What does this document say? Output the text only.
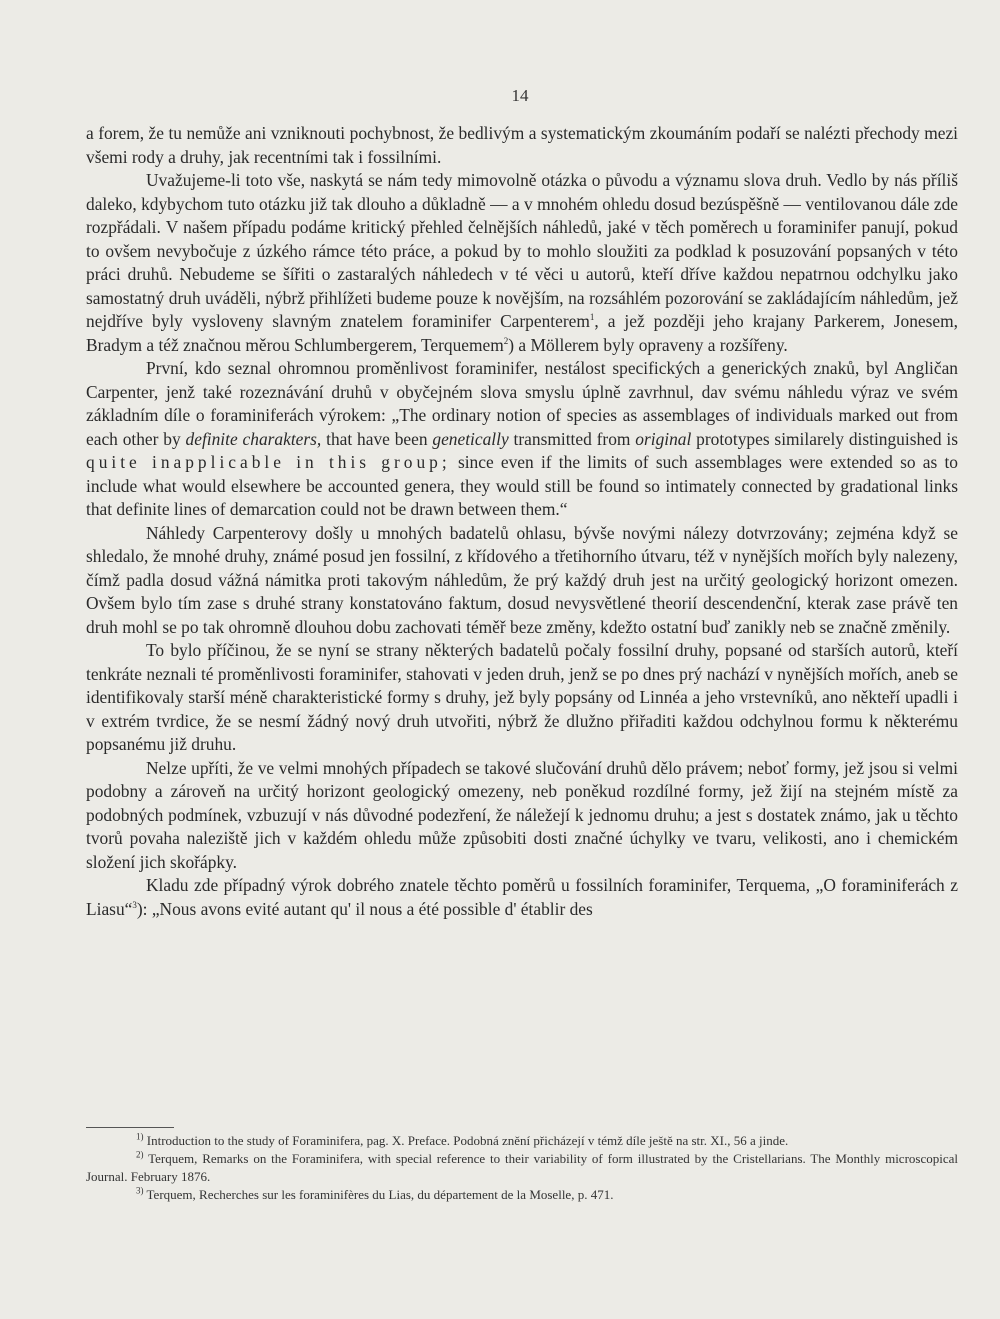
14

a forem, že tu nemůže ani vzniknouti pochybnost, že bedlivým a systematickým zkoumáním podaří se nalézti přechody mezi všemi rody a druhy, jak recentními tak i fossilními.

Uvažujeme-li toto vše, naskytá se nám tedy mimovolně otázka o původu a významu slova druh. Vedlo by nás příliš daleko, kdybychom tuto otázku již tak dlouho a důkladně — a v mnohém ohledu dosud bezúspěšně — ventilovanou dále zde rozpřádali. V našem případu podáme kritický přehled čelnějších náhledů, jaké v těch poměrech u foraminifer panují, pokud to ovšem nevybočuje z úzkého rámce této práce, a pokud by to mohlo sloužiti za podklad k posuzování popsaných v této práci druhů. Nebudeme se šířiti o zastaralých náhledech v té věci u autorů, kteří dříve každou nepatrnou odchylku jako samostatný druh uváděli, nýbrž přihlížeti budeme pouze k novějším, na rozsáhlém pozorování se zakládajícím náhledům, jež nejdříve byly vysloveny slavným znatelem foraminifer Carpenterem$^1$, a jež později jeho krajany Parkerem, Jonesem, Bradym a též značnou měrou Schlumbergerem, Terquemem$^2$) a Möllerem byly opraveny a rozšířeny.

První, kdo seznal ohromnou proměnlivost foraminifer, nestálost specifických a generických znaků, byl Angličan Carpenter, jenž také rozeznávání druhů v obyčejném slova smyslu úplně zavrhnul, dav svému náhledu výraz ve svém základním díle o foraminiferách výrokem: „The ordinary notion of species as assemblages of individuals marked out from each other by definite charakters, that have been genetically transmitted from original prototypes similarely distinguished is quite inapplicable in this group; since even if the limits of such assemblages were extended so as to include what would elsewhere be accounted genera, they would still be found so intimately connected by gradational links that definite lines of demarcation could not be drawn between them.“

Náhledy Carpenterovy došly u mnohých badatelů ohlasu, bývše novými nálezy dotvrzovány; zejména když se shledalo, že mnohé druhy, známé posud jen fossilní, z křídového a třetihorního útvaru, též v nynějších mořích byly nalezeny, čímž padla dosud vážná námitka proti takovým náhledům, že prý každý druh jest na určitý geologický horizont omezen. Ovšem bylo tím zase s druhé strany konstatováno faktum, dosud nevysvětlené theorií descendenční, kterak zase právě ten druh mohl se po tak ohromně dlouhou dobu zachovati téměř beze změny, kdežto ostatní buď zanikly neb se značně změnily.

To bylo příčinou, že se nyní se strany některých badatelů počaly fossilní druhy, popsané od starších autorů, kteří tenkráte neznali té proměnlivosti foraminifer, stahovati v jeden druh, jenž se po dnes prý nachází v nynějších mořích, aneb se identifikovaly starší méně charakteristické formy s druhy, jež byly popsány od Linnéa a jeho vrstevníků, ano někteří upadli i v extrém tvrdice, že se nesmí žádný nový druh utvořiti, nýbrž že dlužno přiřaditi každou odchylnou formu k některému popsanému již druhu.

Nelze upříti, že ve velmi mnohých případech se takové slučování druhů dělo právem; neboť formy, jež jsou si velmi podobny a zároveň na určitý horizont geologický omezeny, neb poněkud rozdílné formy, jež žijí na stejném místě za podobných podmínek, vzbuzují v nás důvodné podezření, že náležejí k jednomu druhu; a jest s dostatek známo, jak u těchto tvorů povaha naleziště jich v každém ohledu může způsobiti dosti značné úchylky ve tvaru, velikosti, ano i chemickém složení jich skořápky.

Kladu zde případný výrok dobrého znatele těchto poměrů u fossilních foraminifer, Terquema, „O foraminiferách z Liasu“$^3$): „Nous avons evité autant qu' il nous a été possible d' établir des

$^{1)}$ Introduction to the study of Foraminifera, pag. X. Preface. Podobná znění přicházejí v témž díle ještě na str. XI., 56 a jinde.

$^{2)}$ Terquem, Remarks on the Foraminifera, with special reference to their variability of form illustrated by the Cristellarians. The Monthly microscopical Journal. February 1876.

$^{3)}$ Terquem, Recherches sur les foraminifères du Lias, du département de la Moselle, p. 471.
